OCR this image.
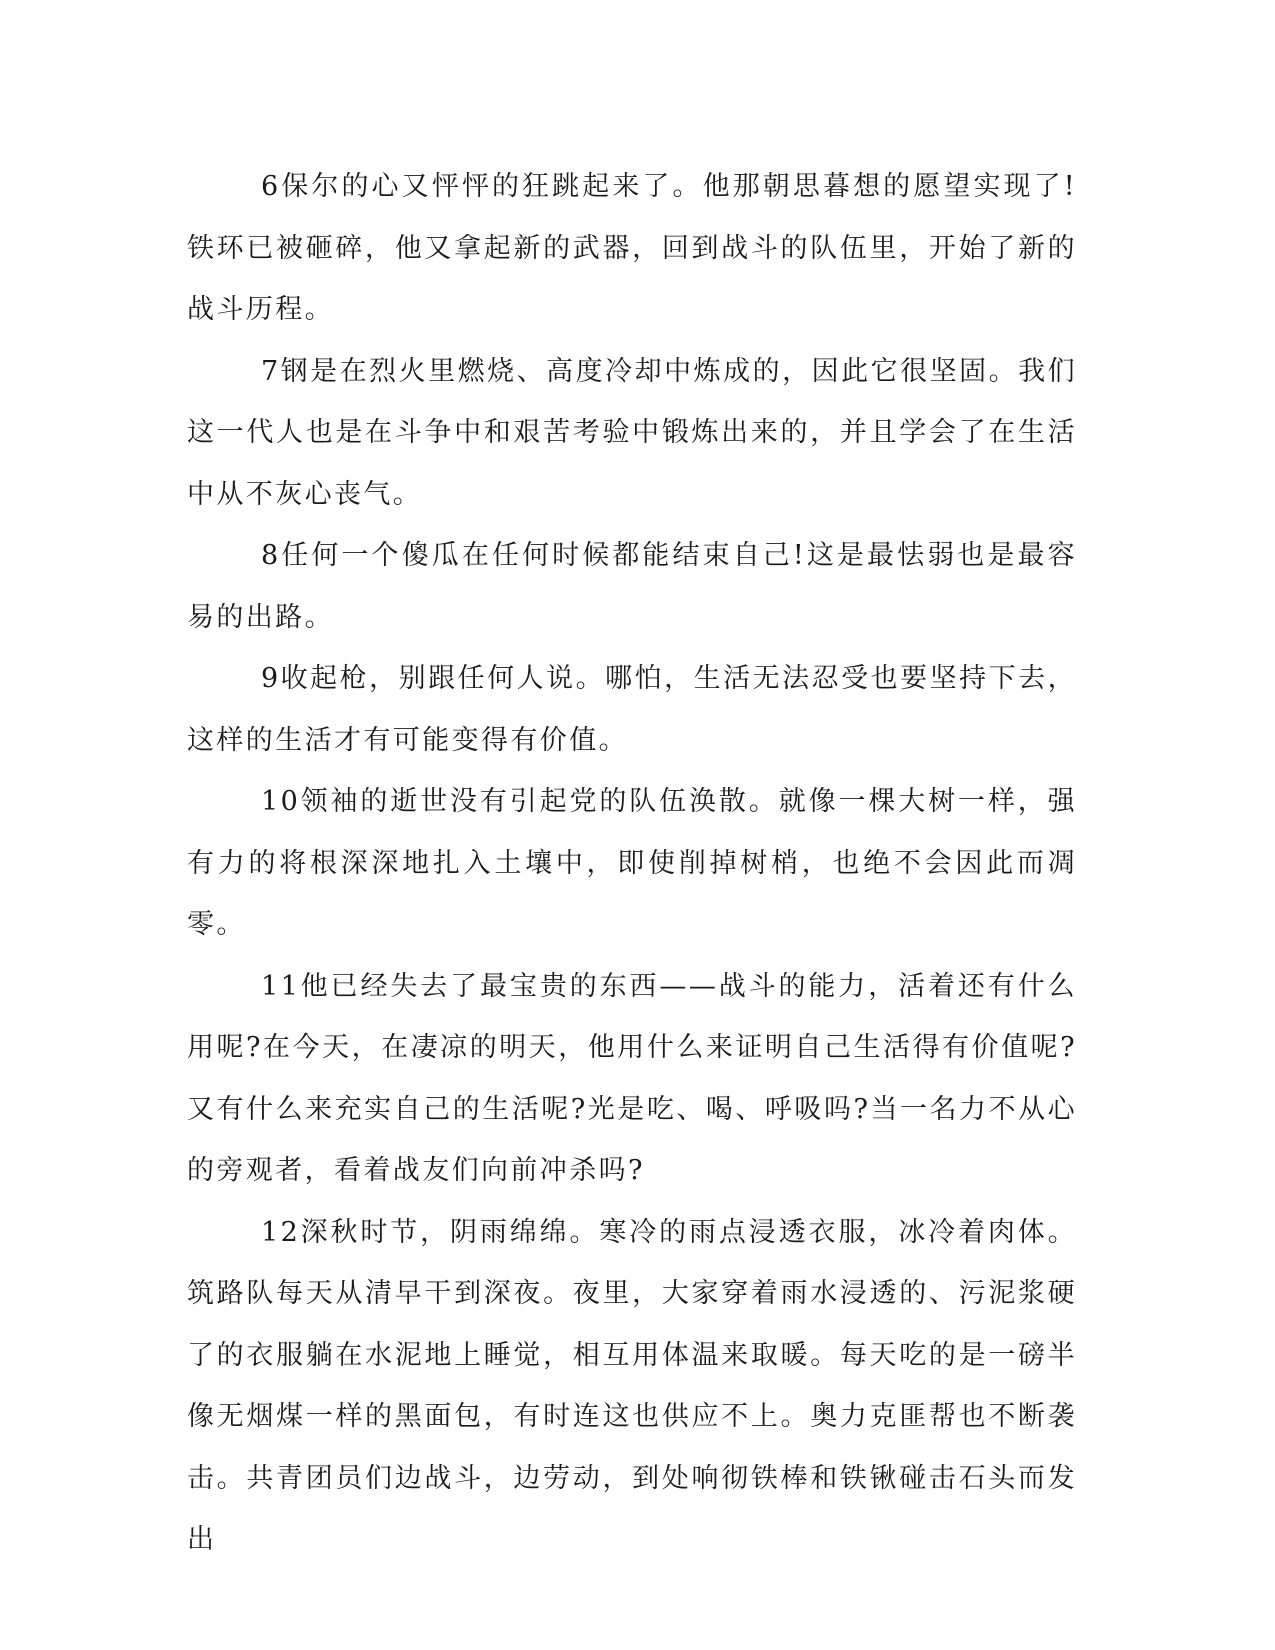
6保尔的心又怦怦的狂跳起来了。他那朝思暮想的愿望实现了!铁环已被砸碎，他又拿起新的武器，回到战斗的队伍里，开始了新的战斗历程。

7钢是在烈火里燃烧、高度冷却中炼成的，因此它很坚固。我们这一代人也是在斗争中和艰苦考验中锻炼出来的，并且学会了在生活中从不灰心丧气。

8任何一个傻瓜在任何时候都能结束自己!这是最怯弱也是最容易的出路。

9收起枪，别跟任何人说。哪怕，生活无法忍受也要坚持下去，这样的生活才有可能变得有价值。

10领袖的逝世没有引起党的队伍涣散。就像一棵大树一样，强有力的将根深深地扎入土壤中，即使削掉树梢，也绝不会因此而凋零。

11他已经失去了最宝贵的东西——战斗的能力，活着还有什么用呢?在今天，在凄凉的明天，他用什么来证明自己生活得有价值呢?又有什么来充实自己的生活呢?光是吃、喝、呼吸吗?当一名力不从心的旁观者，看着战友们向前冲杀吗?

12深秋时节，阴雨绵绵。寒冷的雨点浸透衣服，冰冷着肉体。筑路队每天从清早干到深夜。夜里，大家穿着雨水浸透的、污泥浆硬了的衣服躺在水泥地上睡觉，相互用体温来取暖。每天吃的是一磅半像无烟煤一样的黑面包，有时连这也供应不上。奥力克匪帮也不断袭击。共青团员们边战斗，边劳动，到处响彻铁棒和铁锹碰击石头而发出
